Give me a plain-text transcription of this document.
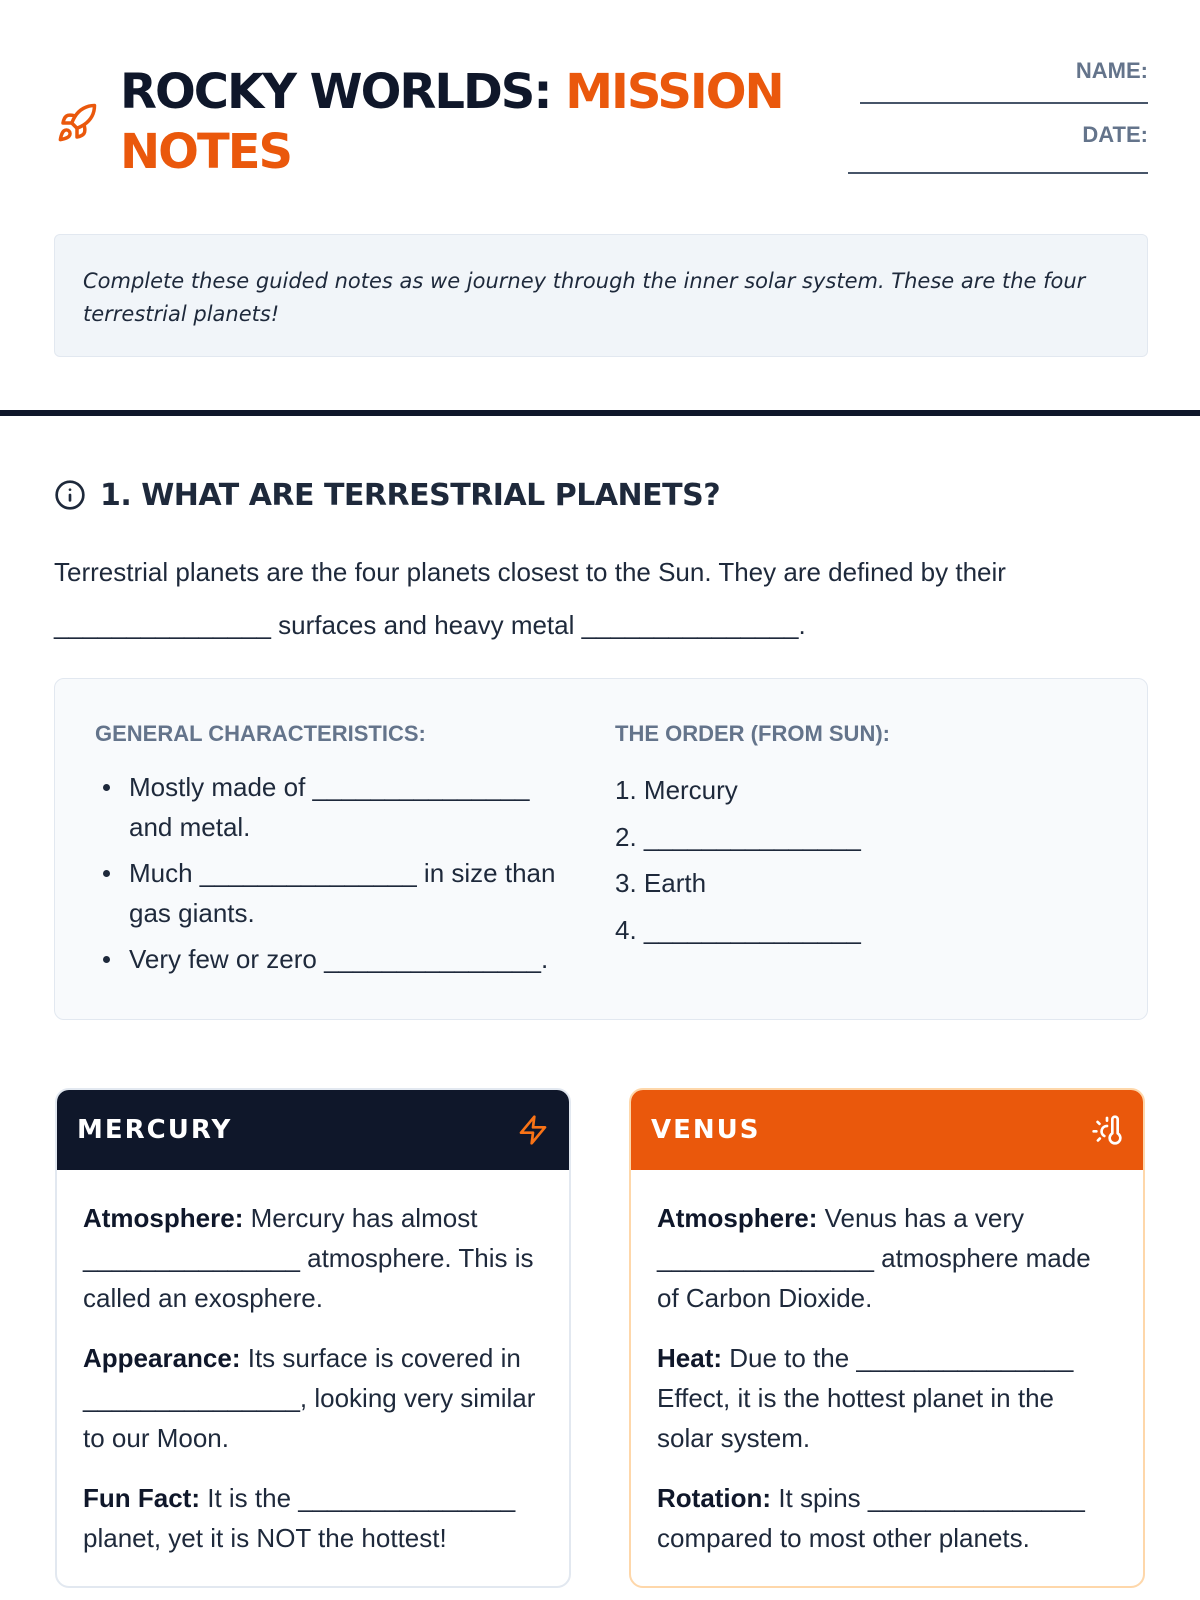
ROCKY WORLDS: MISSION NOTES
NAME:
DATE:
Complete these guided notes as we journey through the inner solar system. These are the four terrestrial planets!
1. WHAT ARE TERRESTRIAL PLANETS?
Terrestrial planets are the four planets closest to the Sun. They are defined by their _______________ surfaces and heavy metal _______________.
GENERAL CHARACTERISTICS:
Mostly made of _______________ and metal.
Much _______________ in size than gas giants.
Very few or zero _______________.
THE ORDER (FROM SUN):
1. Mercury
2. _______________
3. Earth
4. _______________
MERCURY

Atmosphere: Mercury has almost _______________ atmosphere. This is called an exosphere.

Appearance: Its surface is covered in _______________, looking very similar to our Moon.

Fun Fact: It is the _______________ planet, yet it is NOT the hottest!

VENUS

Atmosphere: Venus has a very _______________ atmosphere made of Carbon Dioxide.

Heat: Due to the _______________ Effect, it is the hottest planet in the solar system.

Rotation: It spins _______________ compared to most other planets.
